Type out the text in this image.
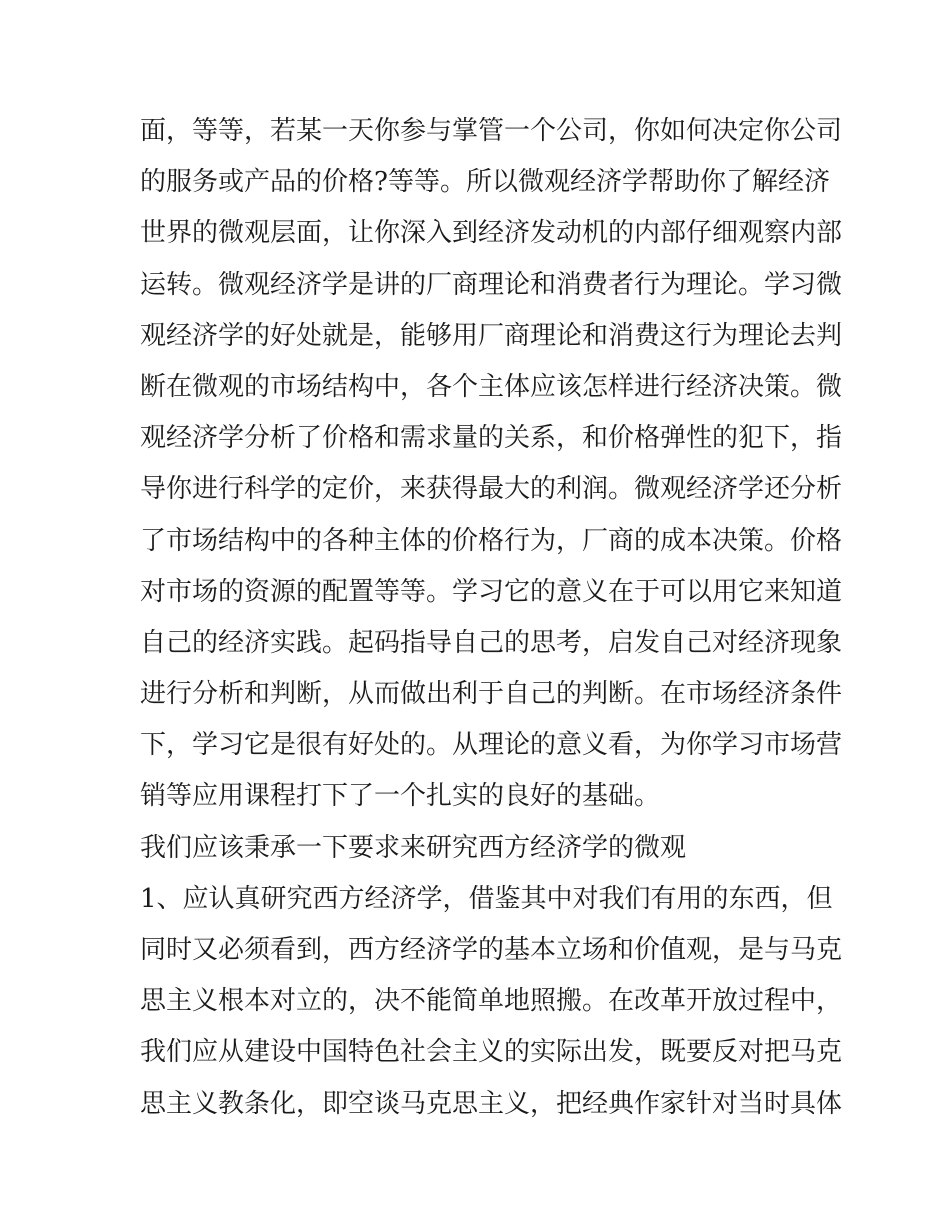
面，等等，若某一天你参与掌管一个公司，你如何决定你公司
的服务或产品的价格?等等。所以微观经济学帮助你了解经济
世界的微观层面，让你深入到经济发动机的内部仔细观察内部
运转。微观经济学是讲的厂商理论和消费者行为理论。学习微
观经济学的好处就是，能够用厂商理论和消费这行为理论去判
断在微观的市场结构中，各个主体应该怎样进行经济决策。微
观经济学分析了价格和需求量的关系，和价格弹性的犯下，指
导你进行科学的定价，来获得最大的利润。微观经济学还分析
了市场结构中的各种主体的价格行为，厂商的成本决策。价格
对市场的资源的配置等等。学习它的意义在于可以用它来知道
自己的经济实践。起码指导自己的思考，启发自己对经济现象
进行分析和判断，从而做出利于自己的判断。在市场经济条件
下，学习它是很有好处的。从理论的意义看，为你学习市场营
销等应用课程打下了一个扎实的良好的基础。
我们应该秉承一下要求来研究西方经济学的微观
1、应认真研究西方经济学，借鉴其中对我们有用的东西，但
同时又必须看到，西方经济学的基本立场和价值观，是与马克
思主义根本对立的，决不能简单地照搬。在改革开放过程中，
我们应从建设中国特色社会主义的实际出发，既要反对把马克
思主义教条化，即空谈马克思主义，把经典作家针对当时具体
